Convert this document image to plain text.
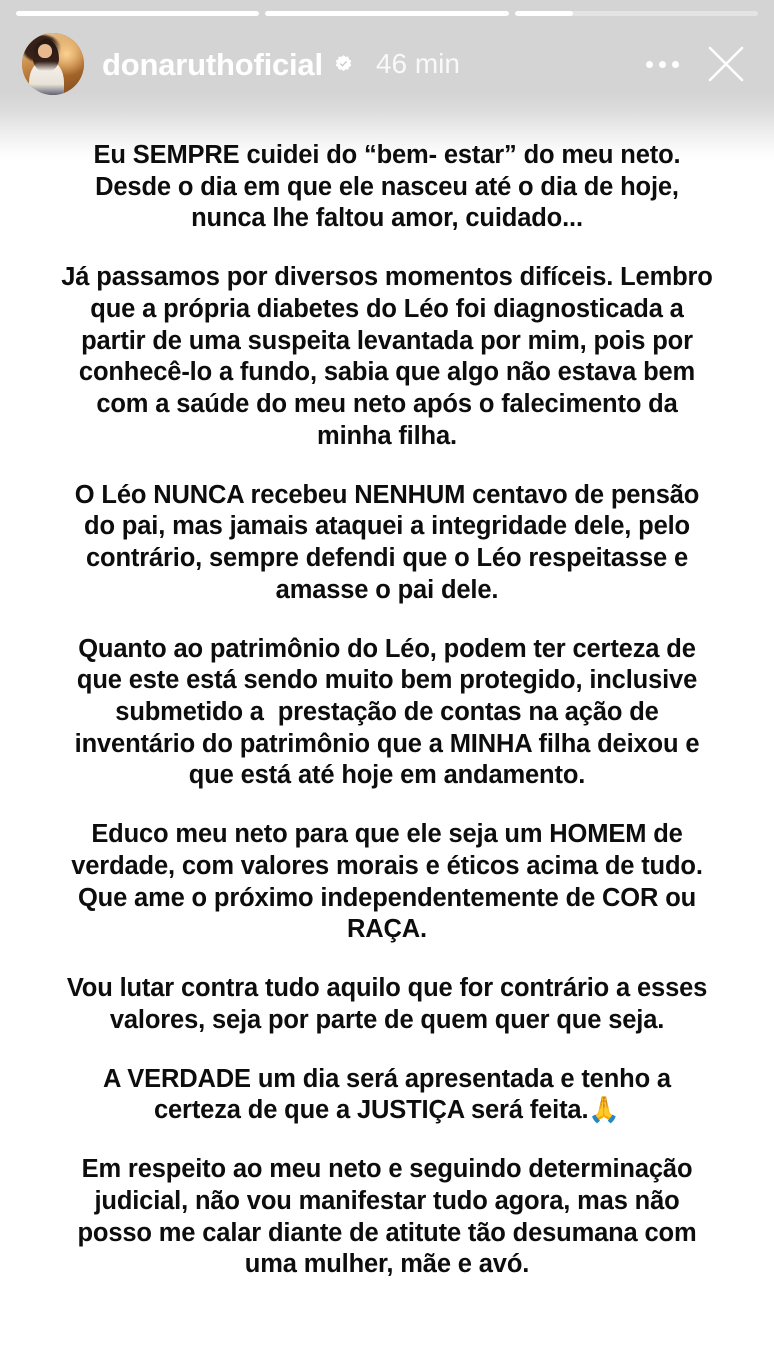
donaruthoficial 46 min

Eu SEMPRE cuidei do “bem- estar” do meu neto. Desde o dia em que ele nasceu até o dia de hoje, nunca lhe faltou amor, cuidado...

Já passamos por diversos momentos difíceis. Lembro que a própria diabetes do Léo foi diagnosticada a partir de uma suspeita levantada por mim, pois por conhecê-lo a fundo, sabia que algo não estava bem com a saúde do meu neto após o falecimento da minha filha.

O Léo NUNCA recebeu NENHUM centavo de pensão do pai, mas jamais ataquei a integridade dele, pelo contrário, sempre defendi que o Léo respeitasse e amasse o pai dele.

Quanto ao patrimônio do Léo, podem ter certeza de que este está sendo muito bem protegido, inclusive submetido a  prestação de contas na ação de inventário do patrimônio que a MINHA filha deixou e que está até hoje em andamento.

Educo meu neto para que ele seja um HOMEM de verdade, com valores morais e éticos acima de tudo. Que ame o próximo independentemente de COR ou RAÇA.

Vou lutar contra tudo aquilo que for contrário a esses valores, seja por parte de quem quer que seja.

A VERDADE um dia será apresentada e tenho a certeza de que a JUSTIÇA será feita.🙏

Em respeito ao meu neto e seguindo determinação judicial, não vou manifestar tudo agora, mas não posso me calar diante de atitute tão desumana com uma mulher, mãe e avó.
